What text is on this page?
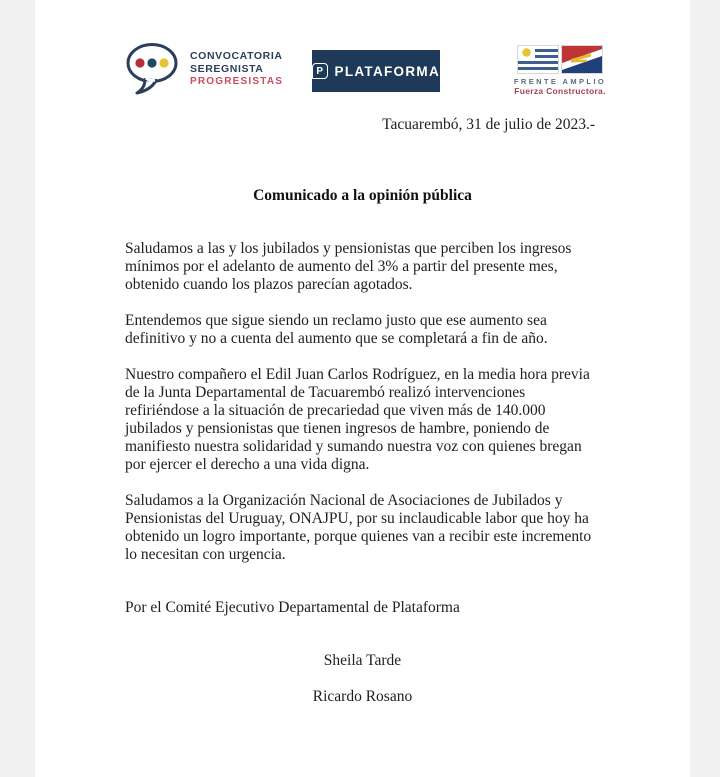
CONVOCATORIA
SEREGNISTA
PROGRESISTAS
P PLATAFORMA
FRENTE AMPLIO
Fuerza Constructora.
Tacuarembó, 31 de julio de 2023.-
Comunicado a la opinión pública

Saludamos a las y los jubilados y pensionistas que perciben los ingresos mínimos por el adelanto de aumento del 3% a partir del presente mes, obtenido cuando los plazos parecían agotados.

Entendemos que sigue siendo un reclamo justo que ese aumento sea definitivo y no a cuenta del aumento que se completará a fin de año.

Nuestro compañero el Edil Juan Carlos Rodríguez, en la media hora previa de la Junta Departamental de Tacuarembó realizó intervenciones refiriéndose a la situación de precariedad que viven más de 140.000 jubilados y pensionistas que tienen ingresos de hambre, poniendo de manifiesto nuestra solidaridad y sumando nuestra voz con quienes bregan por ejercer el derecho a una vida digna.

Saludamos a la Organización Nacional de Asociaciones de Jubilados y Pensionistas del Uruguay, ONAJPU, por su inclaudicable labor que hoy ha obtenido un logro importante, porque quienes van a recibir este incremento lo necesitan con urgencia.

Por el Comité Ejecutivo Departamental de Plataforma
Sheila Tarde
Ricardo Rosano
